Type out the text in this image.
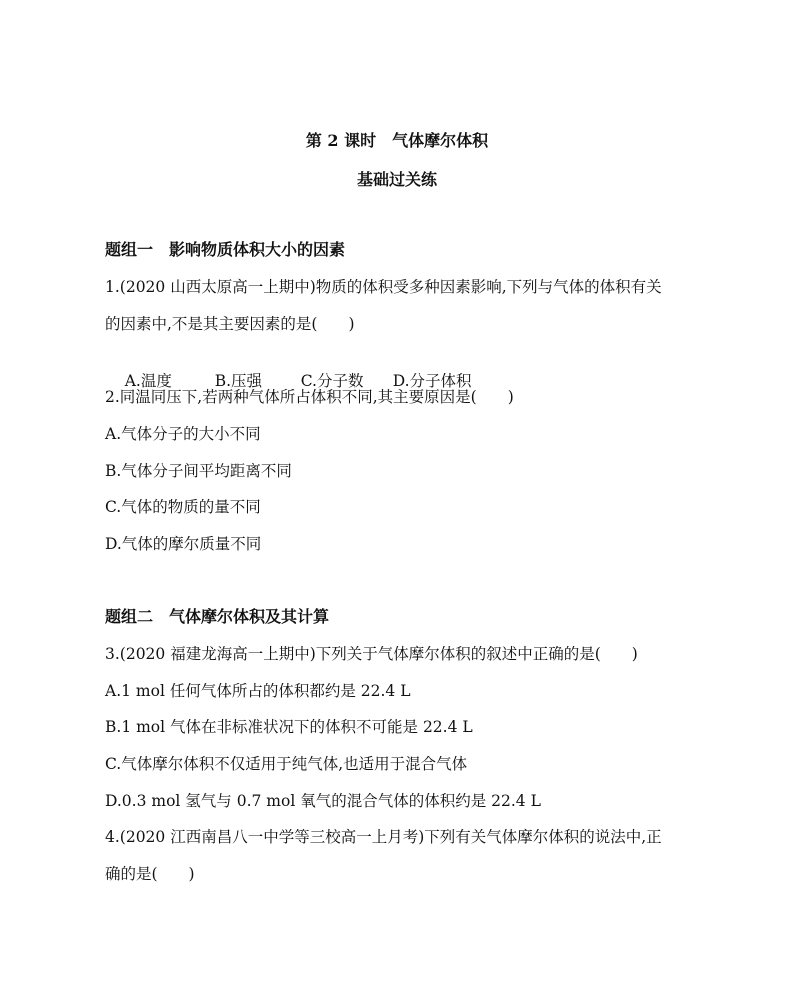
第 2 课时　气体摩尔体积
基础过关练
题组一　影响物质体积大小的因素
1.(2020 山西太原高一上期中)物质的体积受多种因素影响,下列与气体的体积有关
的因素中,不是其主要因素的是(　　)

A.温度	B.压强 C.分子数 D.分子体积

2.同温同压下,若两种气体所占体积不同,其主要原因是(　　)
A.气体分子的大小不同
B.气体分子间平均距离不同
C.气体的物质的量不同
D.气体的摩尔质量不同
题组二　气体摩尔体积及其计算
3.(2020 福建龙海高一上期中)下列关于气体摩尔体积的叙述中正确的是(　　)
A.1 mol 任何气体所占的体积都约是 22.4 L
B.1 mol 气体在非标准状况下的体积不可能是 22.4 L
C.气体摩尔体积不仅适用于纯气体,也适用于混合气体
D.0.3 mol 氢气与 0.7 mol 氧气的混合气体的体积约是 22.4 L
4.(2020 江西南昌八一中学等三校高一上月考)下列有关气体摩尔体积的说法中,正
确的是(　　)
